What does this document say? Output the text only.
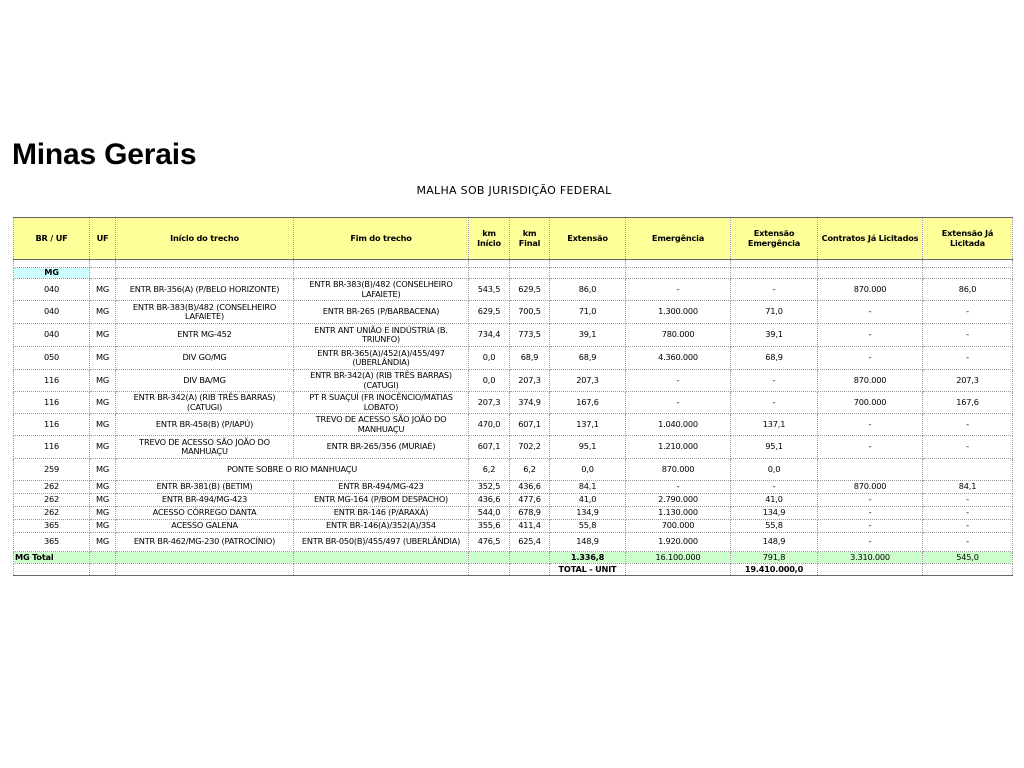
Minas Gerais
MALHA SOB JURISDIÇÃO FEDERAL
BR / UF	UF	Início do trecho	Fim do trecho	km Início	km Final	Extensão	Emergência	Extensão Emergência	Contratos Já Licitados	Extensão Já Licitada

MG										
040	MG	ENTR BR-356(A) (P/BELO HORIZONTE)	ENTR BR-383(B)/482 (CONSELHEIRO LAFAIETE)	543,5	629,5	86,0	-	-	870.000	86,0
040	MG	ENTR BR-383(B)/482 (CONSELHEIRO LAFAIETE)	ENTR BR-265 (P/BARBACENA)	629,5	700,5	71,0	1.300.000	71,0	-	-
040	MG	ENTR MG-452	ENTR ANT UNIÃO E INDÚSTRIA (B. TRIUNFO)	734,4	773,5	39,1	780.000	39,1	-	-
050	MG	DIV GO/MG	ENTR BR-365(A)/452(A)/455/497 (UBERLÂNDIA)	0,0	68,9	68,9	4.360.000	68,9	-	-
116	MG	DIV BA/MG	ENTR BR-342(A) (RIB TRÊS BARRAS) (CATUGI)	0,0	207,3	207,3	-	-	870.000	207,3
116	MG	ENTR BR-342(A) (RIB TRÊS BARRAS) (CATUGI)	PT R SUAÇUÍ (FR INOCÊNCIO/MATIAS LOBATO)	207,3	374,9	167,6	-	-	700.000	167,6
116	MG	ENTR BR-458(B) (P/IAPÚ)	TREVO DE ACESSO SÃO JOÃO DO MANHUAÇU	470,0	607,1	137,1	1.040.000	137,1	-	-
116	MG	TREVO DE ACESSO SÃO JOÃO DO MANHUAÇU	ENTR BR-265/356 (MURIAÉ)	607,1	702,2	95,1	1.210.000	95,1	-	-
259	MG	PONTE SOBRE O RIO MANHUAÇU		6,2	6,2	0,0	870.000	0,0		
262	MG	ENTR BR-381(B) (BETIM)	ENTR BR-494/MG-423	352,5	436,6	84,1	-	-	870.000	84,1
262	MG	ENTR BR-494/MG-423	ENTR MG-164 (P/BOM DESPACHO)	436,6	477,6	41,0	2.790.000	41,0	-	-
262	MG	ACESSO CÓRREGO DANTA	ENTR BR-146 (P/ARAXÁ)	544,0	678,9	134,9	1.130.000	134,9	-	-
365	MG	ACESSO GALENA	ENTR BR-146(A)/352(A)/354	355,6	411,4	55,8	700.000	55,8	-	-
365	MG	ENTR BR-462/MG-230 (PATROCÍNIO)	ENTR BR-050(B)/455/497 (UBERLÂNDIA)	476,5	625,4	148,9	1.920.000	148,9	-	-
MG Total						1.336,8	16.100.000	791,8	3.310.000	545,0
						TOTAL - UNIT		19.410.000,0		
